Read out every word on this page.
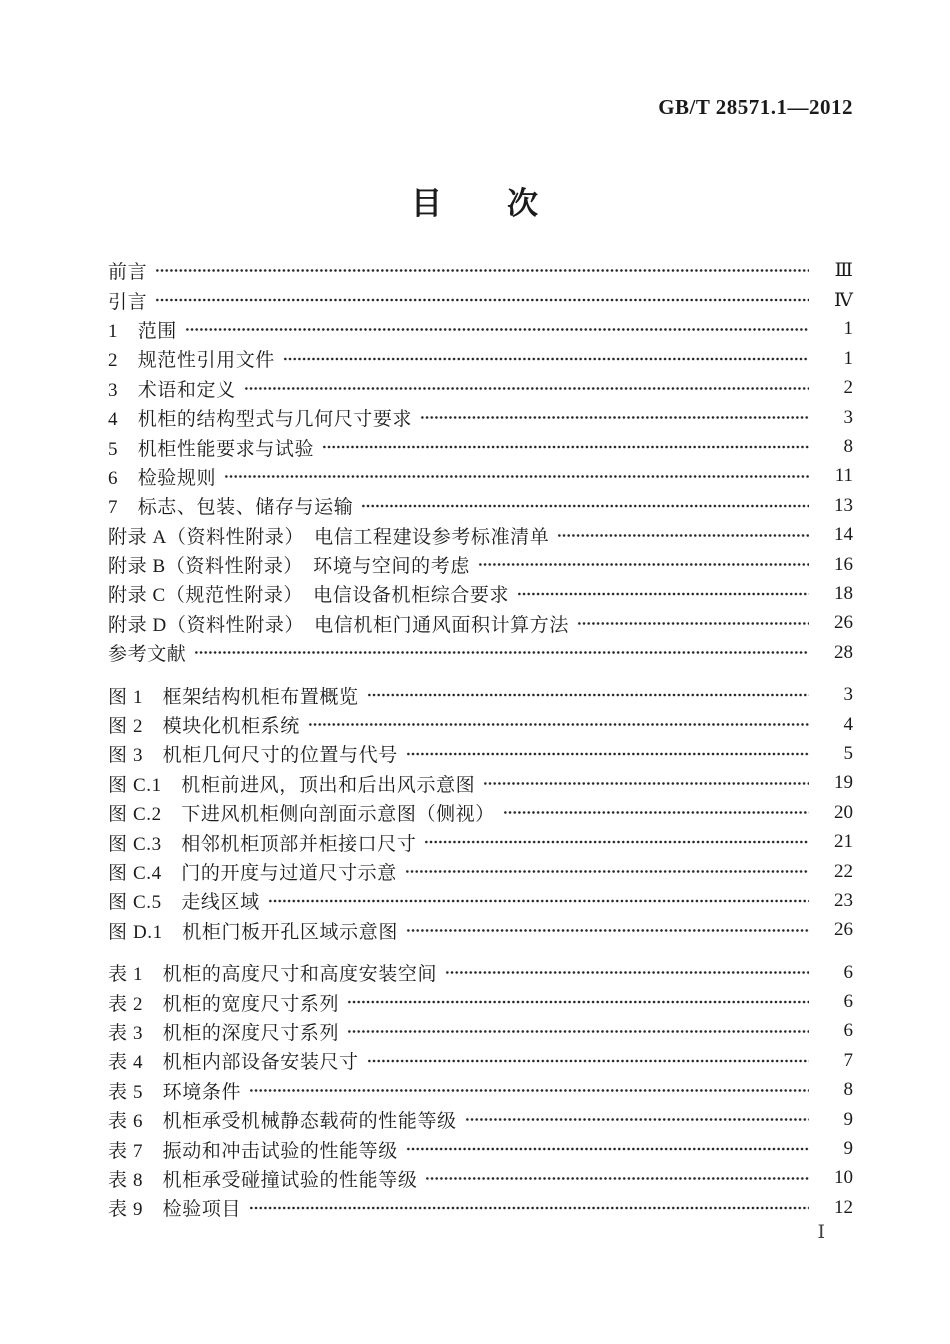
GB/T 28571.1—2012
目　　次
前言	Ⅲ
引言	Ⅳ
1　范围	1
2　规范性引用文件	1
3　术语和定义	2
4　机柜的结构型式与几何尺寸要求	3
5　机柜性能要求与试验	8
6　检验规则	11
7　标志、包装、储存与运输	13
附录 A（资料性附录）　电信工程建设参考标准清单	14
附录 B（资料性附录）　环境与空间的考虑	16
附录 C（规范性附录）　电信设备机柜综合要求	18
附录 D（资料性附录）　电信机柜门通风面积计算方法	26
参考文献	28
图 1　框架结构机柜布置概览	3
图 2　模块化机柜系统	4
图 3　机柜几何尺寸的位置与代号	5
图 C.1　机柜前进风，顶出和后出风示意图	19
图 C.2　下进风机柜侧向剖面示意图（侧视）	20
图 C.3　相邻机柜顶部并柜接口尺寸	21
图 C.4　门的开度与过道尺寸示意	22
图 C.5　走线区域	23
图 D.1　机柜门板开孔区域示意图	26
表 1　机柜的高度尺寸和高度安装空间	6
表 2　机柜的宽度尺寸系列	6
表 3　机柜的深度尺寸系列	6
表 4　机柜内部设备安装尺寸	7
表 5　环境条件	8
表 6　机柜承受机械静态载荷的性能等级	9
表 7　振动和冲击试验的性能等级	9
表 8　机柜承受碰撞试验的性能等级	10
表 9　检验项目	12
Ⅰ
